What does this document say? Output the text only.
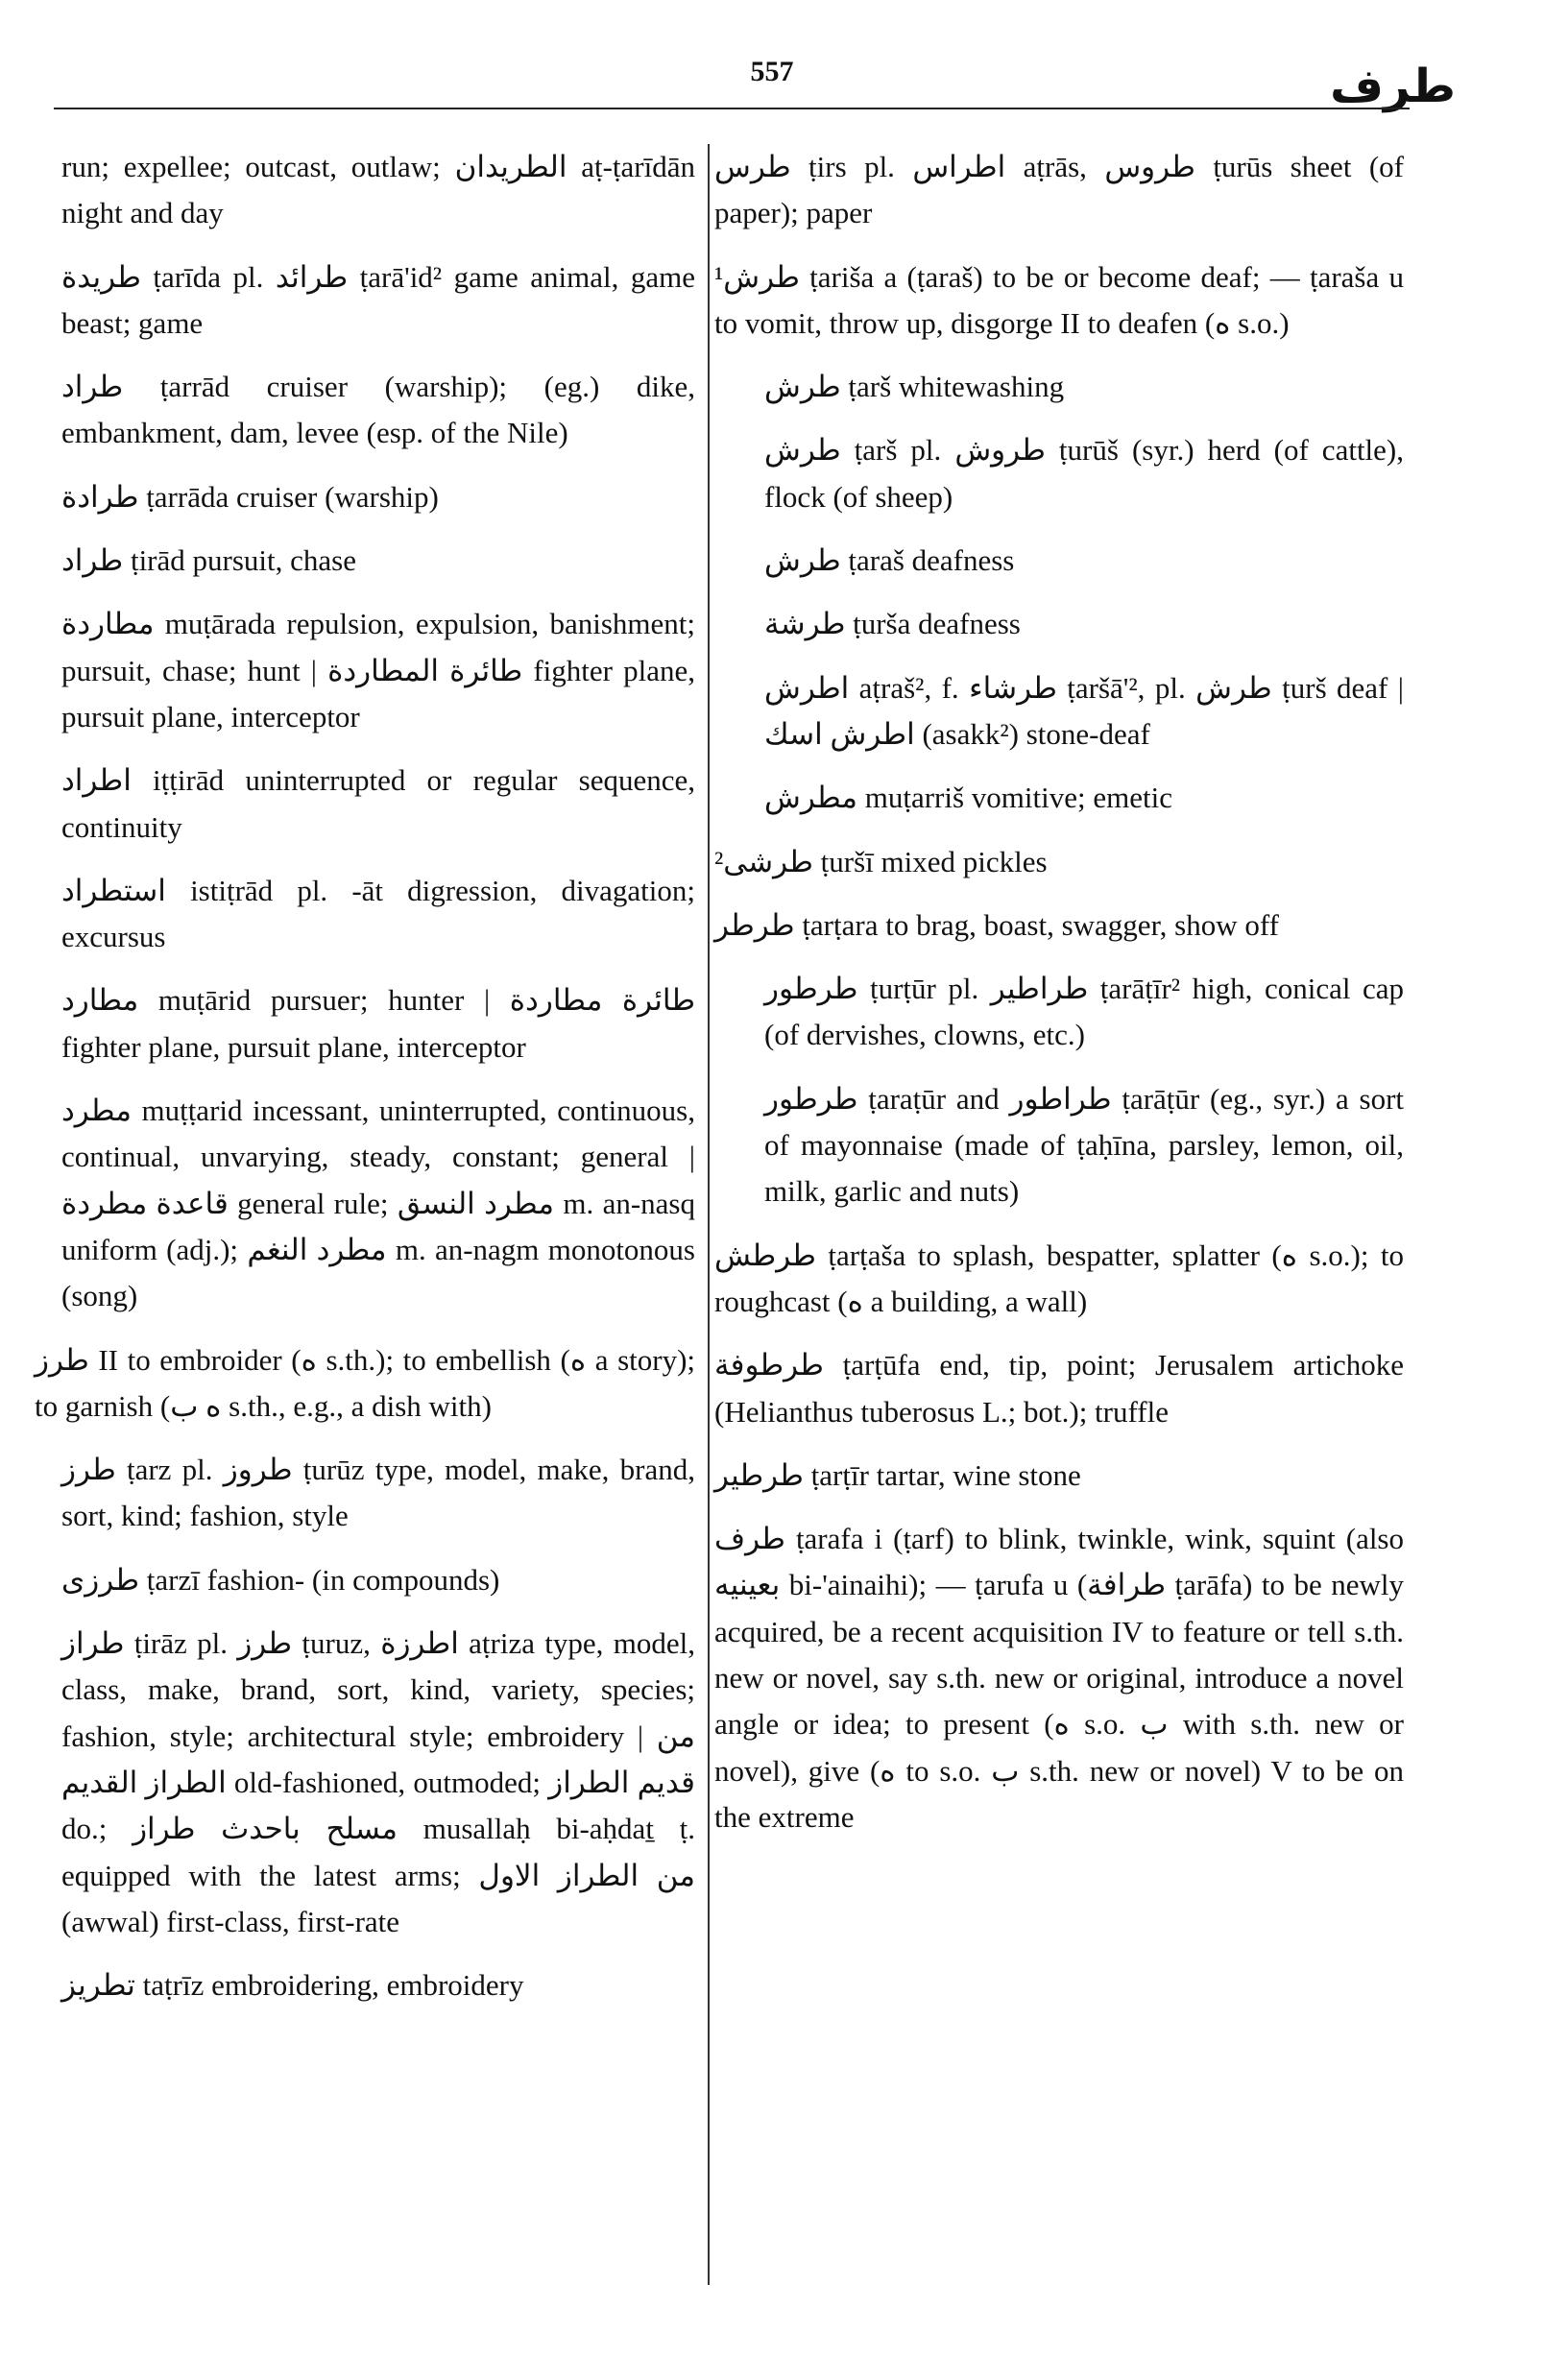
557	طرف

run; expellee; outcast, outlaw; الطريدان aṭ-ṭarīdān night and day

طريدة ṭarīda pl. طرائد ṭarā'id² game animal, game beast; game

طراد ṭarrād cruiser (warship); (eg.) dike, embankment, dam, levee (esp. of the Nile)

طرادة ṭarrāda cruiser (warship)

طراد ṭirād pursuit, chase

مطاردة muṭārada repulsion, expulsion, banishment; pursuit, chase; hunt | طائرة المطاردة fighter plane, pursuit plane, interceptor

اطراد iṭṭirād uninterrupted or regular sequence, continuity

استطراد istiṭrād pl. -āt digression, divagation; excursus

مطارد muṭārid pursuer; hunter | طائرة مطاردة fighter plane, pursuit plane, interceptor

مطرد muṭṭarid incessant, uninterrupted, continuous, continual, unvarying, steady, constant; general | قاعدة مطردة general rule; مطرد النسق m. an-nasq uniform (adj.); مطرد النغم m. an-nagm monotonous (song)

طرز II to embroider (ه s.th.); to embellish (ه a story); to garnish (ه ب s.th., e.g., a dish with)

طرز ṭarz pl. طروز ṭurūz type, model, make, brand, sort, kind; fashion, style

طرزى ṭarzī fashion- (in compounds)

طراز ṭirāz pl. طرز ṭuruz, اطرزة aṭriza type, model, class, make, brand, sort, kind, variety, species; fashion, style; architectural style; embroidery | من الطراز القديم old-fashioned, outmoded; قديم الطراز do.; مسلح باحدث طراز musallaḥ bi-aḥdaṯ ṭ. equipped with the latest arms; من الطراز الاول (awwal) first-class, first-rate

تطريز taṭrīz embroidering, embroidery

طرس ṭirs pl. اطراس aṭrās, طروس ṭurūs sheet (of paper); paper

¹طرش ṭariša a (ṭaraš) to be or become deaf; — ṭaraša u to vomit, throw up, disgorge II to deafen (ه s.o.)

طرش ṭarš whitewashing

طرش ṭarš pl. طروش ṭurūš (syr.) herd (of cattle), flock (of sheep)

طرش ṭaraš deafness

طرشة ṭurša deafness

اطرش aṭraš², f. طرشاء ṭaršā'², pl. طرش ṭurš deaf | اطرش اسك (asakk²) stone-deaf

مطرش muṭarriš vomitive; emetic

²طرشى ṭuršī mixed pickles

طرطر ṭarṭara to brag, boast, swagger, show off

طرطور ṭurṭūr pl. طراطير ṭarāṭīr² high, conical cap (of dervishes, clowns, etc.)

طرطور ṭaraṭūr and طراطور ṭarāṭūr (eg., syr.) a sort of mayonnaise (made of ṭaḥīna, parsley, lemon, oil, milk, garlic and nuts)

طرطش ṭarṭaša to splash, bespatter, splatter (ه s.o.); to roughcast (ه a building, a wall)

طرطوفة ṭarṭūfa end, tip, point; Jerusalem artichoke (Helianthus tuberosus L.; bot.); truffle

طرطير ṭarṭīr tartar, wine stone

طرف ṭarafa i (ṭarf) to blink, twinkle, wink, squint (also بعينيه bi-'ainaihi); — ṭarufa u (طرافة ṭarāfa) to be newly acquired, be a recent acquisition IV to feature or tell s.th. new or novel, say s.th. new or original, introduce a novel angle or idea; to present (ه s.o. ب with s.th. new or novel), give (ه to s.o. ب s.th. new or novel) V to be on the extreme
